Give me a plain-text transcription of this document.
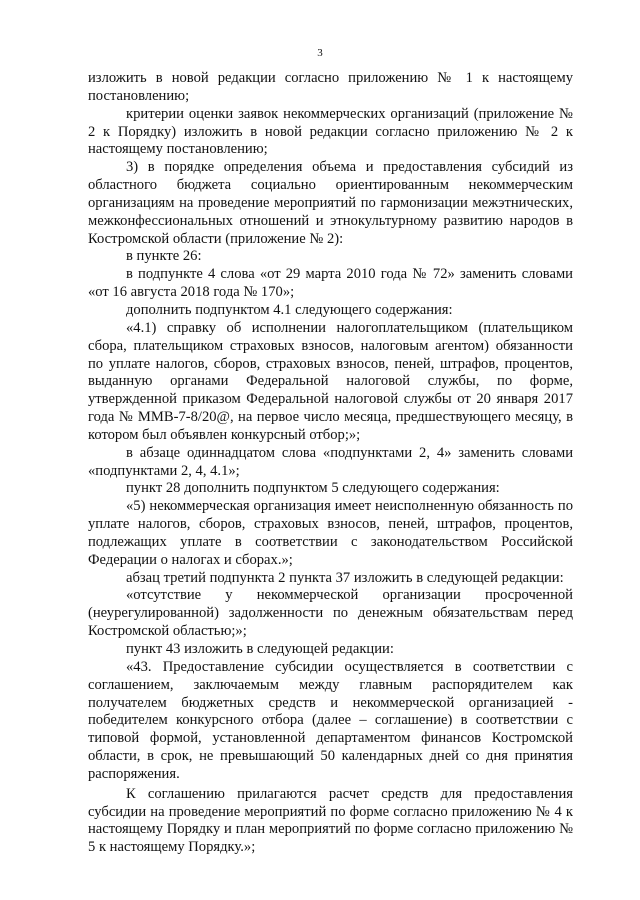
3

изложить в новой редакции согласно приложению № 1 к настоящему постановлению;

критерии оценки заявок некоммерческих организаций (приложение № 2 к Порядку) изложить в новой редакции согласно приложению № 2 к настоящему постановлению;

3) в порядке определения объема и предоставления субсидий из областного бюджета социально ориентированным некоммерческим организациям на проведение мероприятий по гармонизации межэтнических, межконфессиональных отношений и этнокультурному развитию народов в Костромской области (приложение № 2):

в пункте 26:

в подпункте 4 слова «от 29 марта 2010 года № 72» заменить словами «от 16 августа 2018 года № 170»;

дополнить подпунктом 4.1 следующего содержания:

«4.1) справку об исполнении налогоплательщиком (плательщиком сбора, плательщиком страховых взносов, налоговым агентом) обязанности по уплате налогов, сборов, страховых взносов, пеней, штрафов, процентов, выданную органами Федеральной налоговой службы, по форме, утвержденной приказом Федеральной налоговой службы от 20 января 2017 года № ММВ-7-8/20@, на первое число месяца, предшествующего месяцу, в котором был объявлен конкурсный отбор;»;

в абзаце одиннадцатом слова «подпунктами 2, 4» заменить словами «подпунктами 2, 4, 4.1»;

пункт 28 дополнить подпунктом 5 следующего содержания:

«5) некоммерческая организация имеет неисполненную обязанность по уплате налогов, сборов, страховых взносов, пеней, штрафов, процентов, подлежащих уплате в соответствии с законодательством Российской Федерации о налогах и сборах.»;

абзац третий подпункта 2 пункта 37 изложить в следующей редакции:

«отсутствие у некоммерческой организации просроченной (неурегулированной) задолженности по денежным обязательствам перед Костромской областью;»;

пункт 43 изложить в следующей редакции:

«43. Предоставление субсидии осуществляется в соответствии с соглашением, заключаемым между главным распорядителем как получателем бюджетных средств и некоммерческой организацией - победителем конкурсного отбора (далее – соглашение) в соответствии с типовой формой, установленной департаментом финансов Костромской области, в срок, не превышающий 50 календарных дней со дня принятия распоряжения.

К соглашению прилагаются расчет средств для предоставления субсидии на проведение мероприятий по форме согласно приложению № 4 к настоящему Порядку и план мероприятий по форме согласно приложению № 5 к настоящему Порядку.»;
